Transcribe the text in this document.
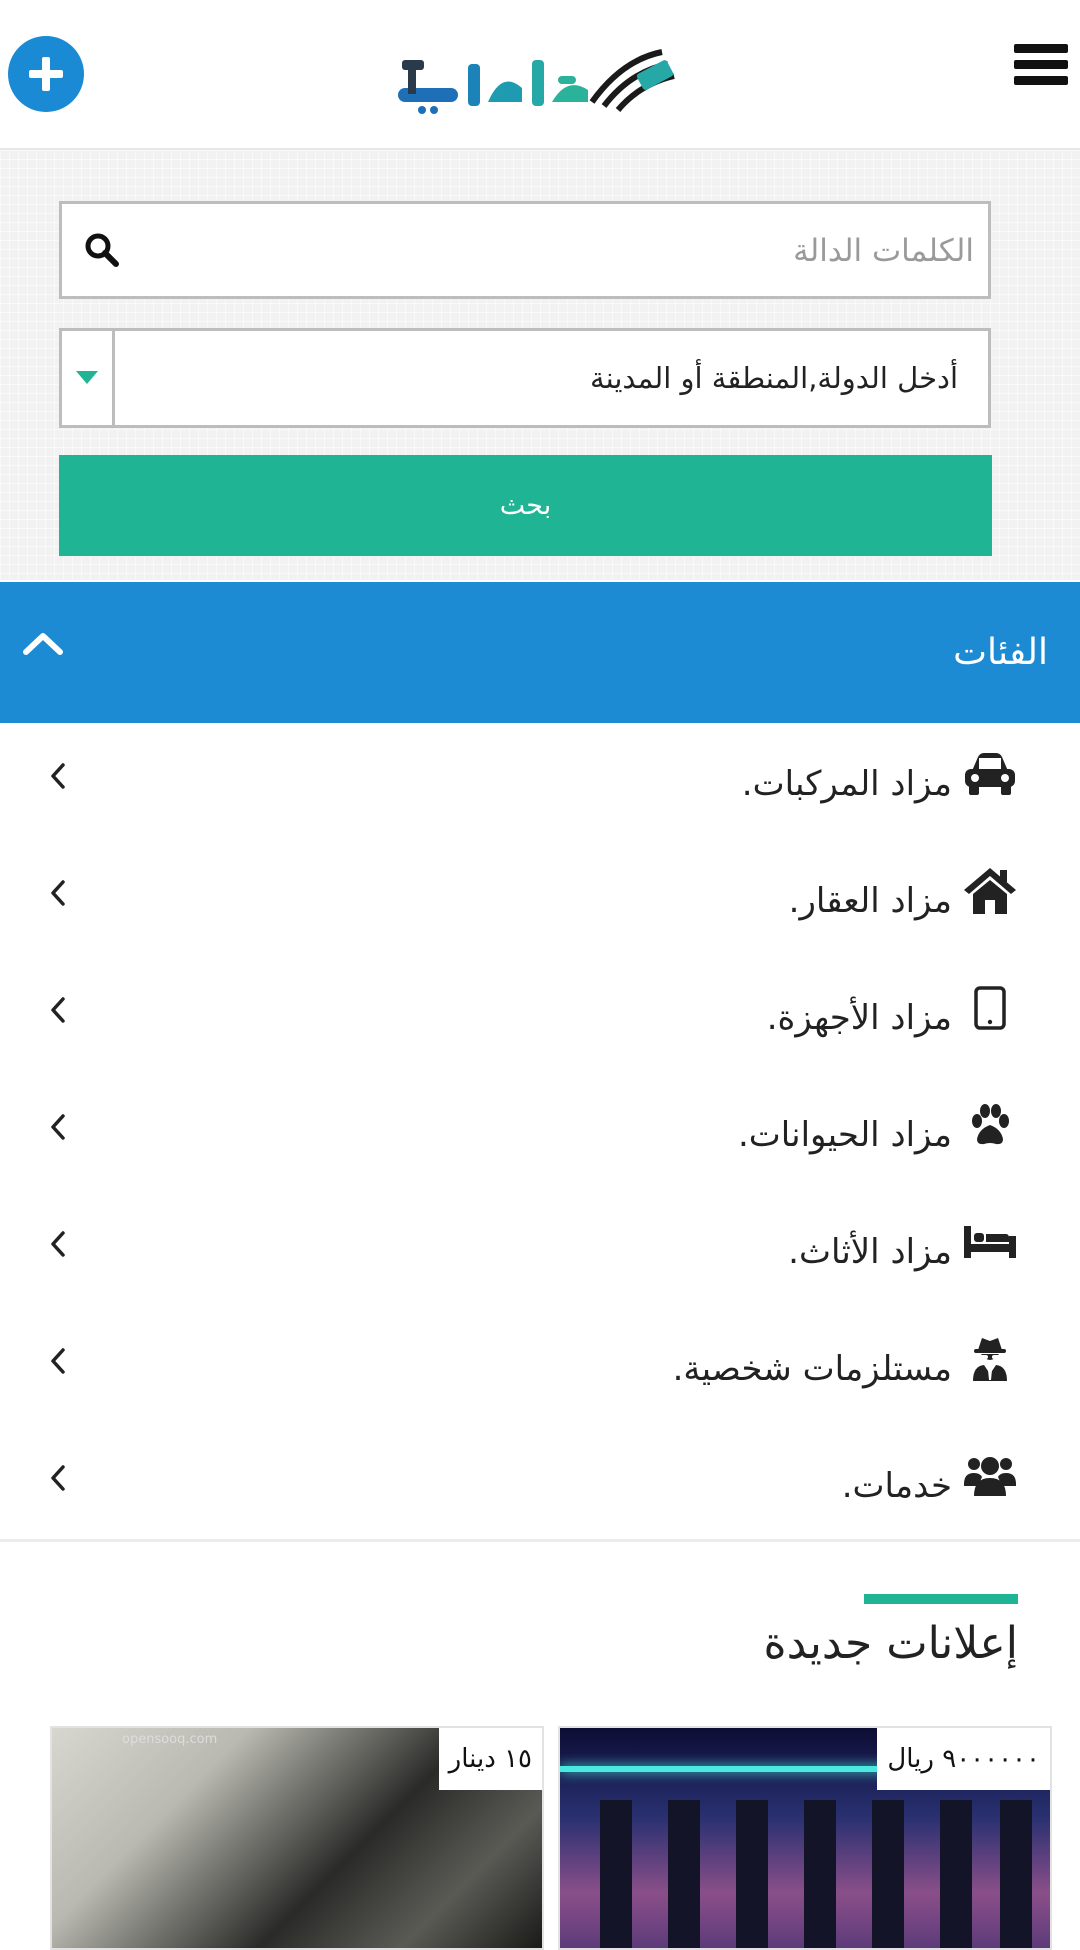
الكلمات الدالة
أدخل الدولة,المنطقة أو المدينة
بحث
الفئات
مزاد المركبات.
مزاد العقار.
مزاد الأجهزة.
مزاد الحيوانات.
مزاد الأثاث.
مستلزمات شخصية.
خدمات.
إعلانات جديدة
٩٠٠٠٠٠٠ ريال
opensooq.com
١٥ دينار
